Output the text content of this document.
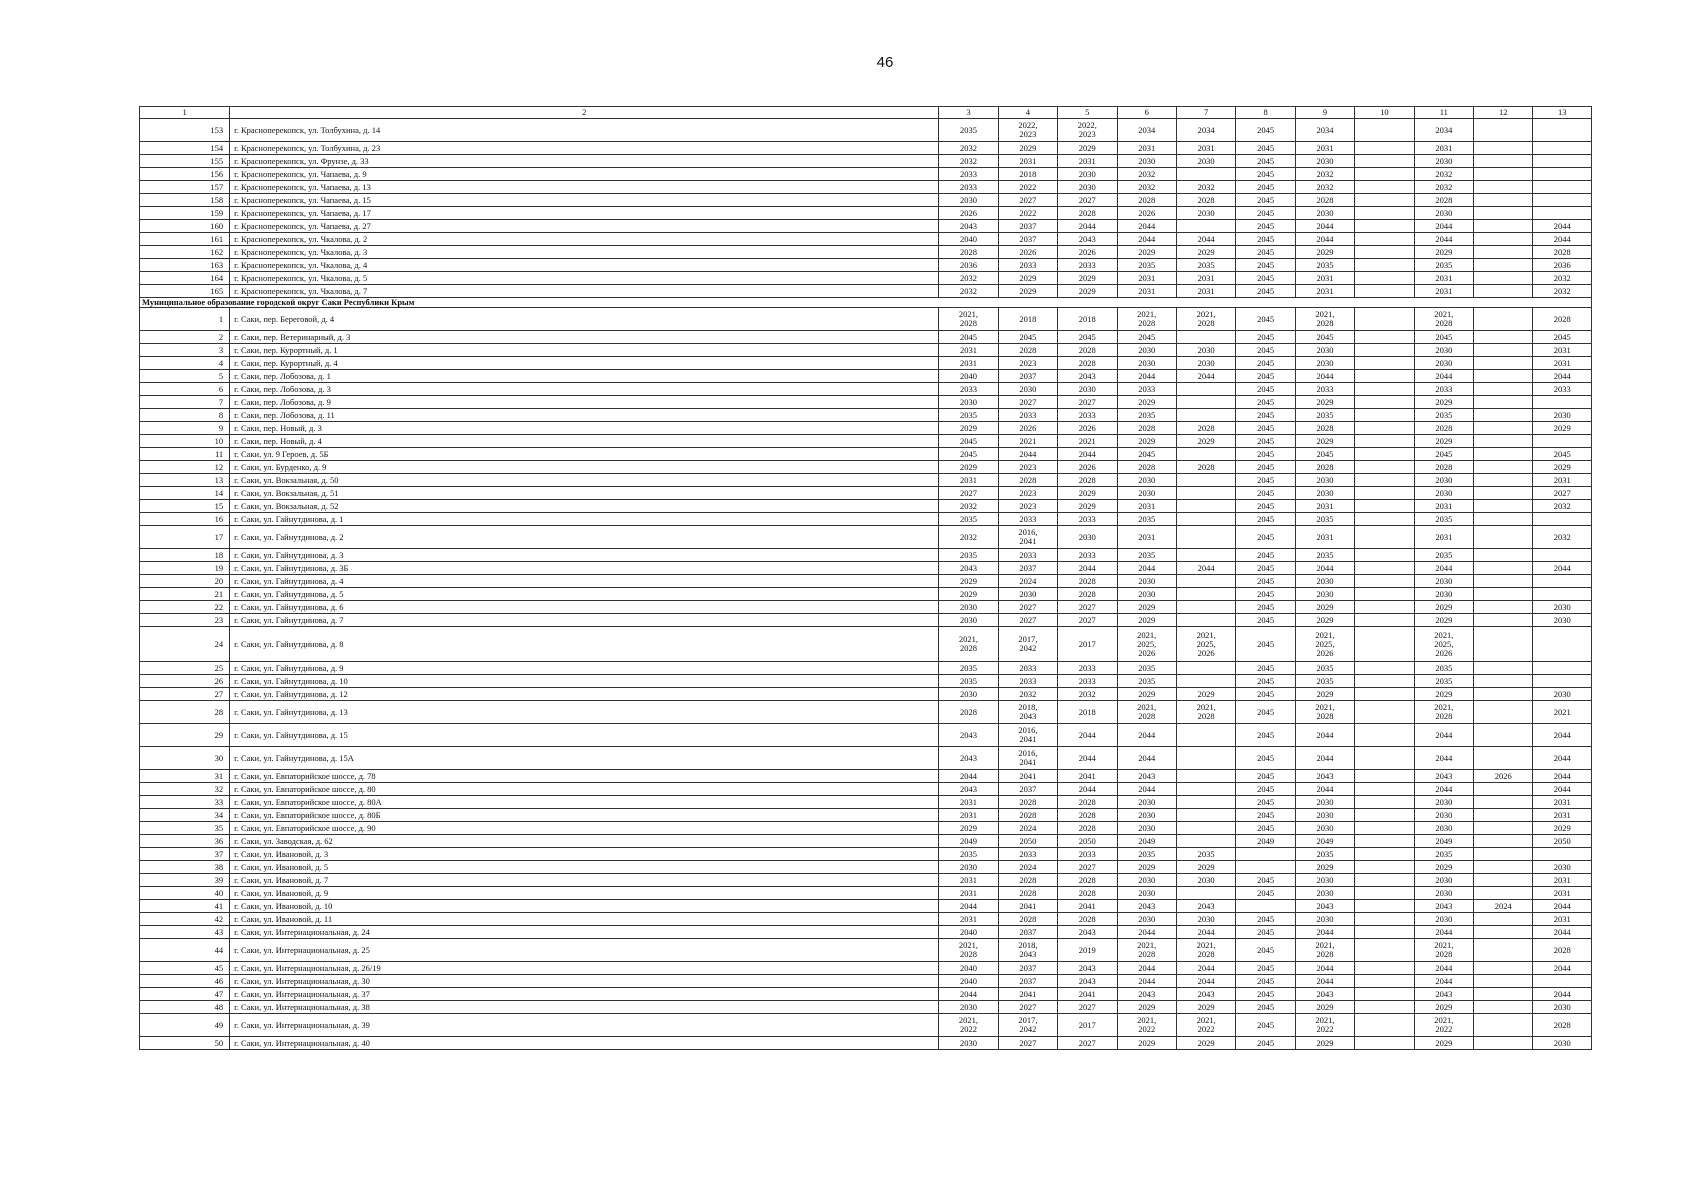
46
1	2	3	4	5	6	7	8	9	10	11	12	13
153	г. Красноперекопск, ул. Толбухина, д. 14	2035	2022,
2023	2022,
2023	2034	2034	2045	2034		2034		
154	г. Красноперекопск, ул. Толбухина, д. 23	2032	2029	2029	2031	2031	2045	2031		2031		
155	г. Красноперекопск, ул. Фрунзе, д. 33	2032	2031	2031	2030	2030	2045	2030		2030		
156	г. Красноперекопск, ул. Чапаева, д. 9	2033	2018	2030	2032		2045	2032		2032		
157	г. Красноперекопск, ул. Чапаева, д. 13	2033	2022	2030	2032	2032	2045	2032		2032		
158	г. Красноперекопск, ул. Чапаева, д. 15	2030	2027	2027	2028	2028	2045	2028		2028		
159	г. Красноперекопск, ул. Чапаева, д. 17	2026	2022	2028	2026	2030	2045	2030		2030		
160	г. Красноперекопск, ул. Чапаева, д. 27	2043	2037	2044	2044		2045	2044		2044		2044
161	г. Красноперекопск, ул. Чкалова, д. 2	2040	2037	2043	2044	2044	2045	2044		2044		2044
162	г. Красноперекопск, ул. Чкалова, д. 3	2028	2026	2026	2029	2029	2045	2029		2029		2028
163	г. Красноперекопск, ул. Чкалова, д. 4	2036	2033	2033	2035	2035	2045	2035		2035		2036
164	г. Красноперекопск, ул. Чкалова, д. 5	2032	2029	2029	2031	2031	2045	2031		2031		2032
165	г. Красноперекопск, ул. Чкалова, д. 7	2032	2029	2029	2031	2031	2045	2031		2031		2032
Муниципальное образование городской округ Саки Республики Крым												
1	г. Саки, пер. Береговой, д. 4	2021,
2028	2018	2018	2021,
2028	2021,
2028	2045	2021,
2028		2021,
2028		2028
2	г. Саки, пер. Ветеринарный, д. 3	2045	2045	2045	2045		2045	2045		2045		2045
3	г. Саки, пер. Курортный, д. 1	2031	2028	2028	2030	2030	2045	2030		2030		2031
4	г. Саки, пер. Курортный, д. 4	2031	2023	2028	2030	2030	2045	2030		2030		2031
5	г. Саки, пер. Лобозова, д. 1	2040	2037	2043	2044	2044	2045	2044		2044		2044
6	г. Саки, пер. Лобозова, д. 3	2033	2030	2030	2033		2045	2033		2033		2033
7	г. Саки, пер. Лобозова, д. 9	2030	2027	2027	2029		2045	2029		2029		
8	г. Саки, пер. Лобозова, д. 11	2035	2033	2033	2035		2045	2035		2035		2030
9	г. Саки, пер. Новый, д. 3	2029	2026	2026	2028	2028	2045	2028		2028		2029
10	г. Саки, пер. Новый, д. 4	2045	2021	2021	2029	2029	2045	2029		2029		
11	г. Саки, ул. 9 Героев, д. 5Б	2045	2044	2044	2045		2045	2045		2045		2045
12	г. Саки, ул. Бурденко, д. 9	2029	2023	2026	2028	2028	2045	2028		2028		2029
13	г. Саки, ул. Вокзальная, д. 50	2031	2028	2028	2030		2045	2030		2030		2031
14	г. Саки, ул. Вокзальная, д. 51	2027	2023	2029	2030		2045	2030		2030		2027
15	г. Саки, ул. Вокзальная, д. 52	2032	2023	2029	2031		2045	2031		2031		2032
16	г. Саки, ул. Гайнутдинова, д. 1	2035	2033	2033	2035		2045	2035		2035		
17	г. Саки, ул. Гайнутдинова, д. 2	2032	2016,
2041	2030	2031		2045	2031		2031		2032
18	г. Саки, ул. Гайнутдинова, д. 3	2035	2033	2033	2035		2045	2035		2035		
19	г. Саки, ул. Гайнутдинова, д. 3Б	2043	2037	2044	2044	2044	2045	2044		2044		2044
20	г. Саки, ул. Гайнутдинова, д. 4	2029	2024	2028	2030		2045	2030		2030		
21	г. Саки, ул. Гайнутдинова, д. 5	2029	2030	2028	2030		2045	2030		2030		
22	г. Саки, ул. Гайнутдинова, д. 6	2030	2027	2027	2029		2045	2029		2029		2030
23	г. Саки, ул. Гайнутдинова, д. 7	2030	2027	2027	2029		2045	2029		2029		2030
24	г. Саки, ул. Гайнутдинова, д. 8	2021,
2028	2017,
2042	2017	2021,
2025,
2026	2021,
2025,
2026	2045	2021,
2025,
2026		2021,
2025,
2026		
25	г. Саки, ул. Гайнутдинова, д. 9	2035	2033	2033	2035		2045	2035		2035		
26	г. Саки, ул. Гайнутдинова, д. 10	2035	2033	2033	2035		2045	2035		2035		
27	г. Саки, ул. Гайнутдинова, д. 12	2030	2032	2032	2029	2029	2045	2029		2029		2030
28	г. Саки, ул. Гайнутдинова, д. 13	2028	2018,
2043	2018	2021,
2028	2021,
2028	2045	2021,
2028		2021,
2028		2021
29	г. Саки, ул. Гайнутдинова, д. 15	2043	2016,
2041	2044	2044		2045	2044		2044		2044
30	г. Саки, ул. Гайнутдинова, д. 15А	2043	2016,
2041	2044	2044		2045	2044		2044		2044
31	г. Саки, ул. Евпаторийское шоссе, д. 78	2044	2041	2041	2043		2045	2043		2043	2026	2044
32	г. Саки, ул. Евпаторийское шоссе, д. 80	2043	2037	2044	2044		2045	2044		2044		2044
33	г. Саки, ул. Евпаторийское шоссе, д. 80А	2031	2028	2028	2030		2045	2030		2030		2031
34	г. Саки, ул. Евпаторийское шоссе, д. 80Б	2031	2028	2028	2030		2045	2030		2030		2031
35	г. Саки, ул. Евпаторийское шоссе, д. 90	2029	2024	2028	2030		2045	2030		2030		2029
36	г. Саки, ул. Заводская, д. 62	2049	2050	2050	2049		2049	2049		2049		2050
37	г. Саки, ул. Ивановой, д. 3	2035	2033	2033	2035	2035		2035		2035		
38	г. Саки, ул. Ивановой, д. 5	2030	2024	2027	2029	2029		2029		2029		2030
39	г. Саки, ул. Ивановой, д. 7	2031	2028	2028	2030	2030	2045	2030		2030		2031
40	г. Саки, ул. Ивановой, д. 9	2031	2028	2028	2030		2045	2030		2030		2031
41	г. Саки, ул. Ивановой, д. 10	2044	2041	2041	2043	2043		2043		2043	2024	2044
42	г. Саки, ул. Ивановой, д. 11	2031	2028	2028	2030	2030	2045	2030		2030		2031
43	г. Саки, ул. Интернациональная, д. 24	2040	2037	2043	2044	2044	2045	2044		2044		2044
44	г. Саки, ул. Интернациональная, д. 25	2021,
2028	2018,
2043	2019	2021,
2028	2021,
2028	2045	2021,
2028		2021,
2028		2028
45	г. Саки, ул. Интернациональная, д. 26/19	2040	2037	2043	2044	2044	2045	2044		2044		2044
46	г. Саки, ул. Интернациональная, д. 30	2040	2037	2043	2044	2044	2045	2044		2044		
47	г. Саки, ул. Интернациональная, д. 37	2044	2041	2041	2043	2043	2045	2043		2043		2044
48	г. Саки, ул. Интернациональная, д. 38	2030	2027	2027	2029	2029	2045	2029		2029		2030
49	г. Саки, ул. Интернациональная, д. 39	2021,
2022	2017,
2042	2017	2021,
2022	2021,
2022	2045	2021,
2022		2021,
2022		2028
50	г. Саки, ул. Интернациональная, д. 40	2030	2027	2027	2029	2029	2045	2029		2029		2030
